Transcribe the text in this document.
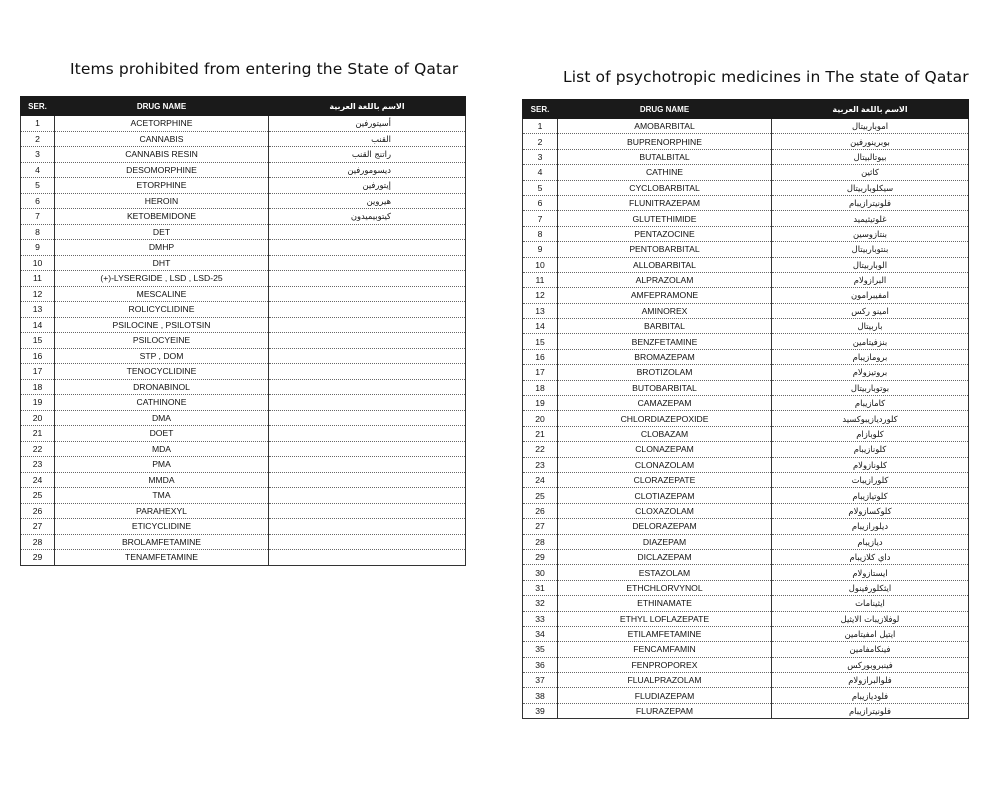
Items prohibited from entering the State of Qatar
SER.	DRUG NAME	الاسم باللغة العربية
1	ACETORPHINE	أسيتورفين
2	CANNABIS	القنب
3	CANNABIS RESIN	راتنج القنب
4	DESOMORPHINE	ديسومورفين
5	ETORPHINE	إيتورفين
6	HEROIN	هيروين
7	KETOBEMIDONE	كيتوبيميدون
8	DET	
9	DMHP	
10	DHT	
11	(+)-LYSERGIDE , LSD , LSD-25	
12	MESCALINE	
13	ROLICYCLIDINE	
14	PSILOCINE , PSILOTSIN	
15	PSILOCYEINE	
16	STP , DOM	
17	TENOCYCLIDINE	
18	DRONABINOL	
19	CATHINONE	
20	DMA	
21	DOET	
22	MDA	
23	PMA	
24	MMDA	
25	TMA	
26	PARAHEXYL	
27	ETICYCLIDINE	
28	BROLAMFETAMINE	
29	TENAMFETAMINE	
List of psychotropic medicines in The state of Qatar
SER.	DRUG NAME	الاسم باللغة العربية
1	AMOBARBITAL	اموباربيتال
2	BUPRENORPHINE	بوبرينورفين
3	BUTALBITAL	بيوتالبيتال
4	CATHINE	كاثين
5	CYCLOBARBITAL	سيكلوباربيتال
6	FLUNITRAZEPAM	فلونيترازيبام
7	GLUTETHIMIDE	غلوتيثيميد
8	PENTAZOCINE	بنتازوسين
9	PENTOBARBITAL	بنتوباربيتال
10	ALLOBARBITAL	الوباربيتال
11	ALPRAZOLAM	البرازولام
12	AMFEPRAMONE	امفيبرامون
13	AMINOREX	امينو ركس
14	BARBITAL	باربيتال
15	BENZFETAMINE	بنزفيتامين
16	BROMAZEPAM	برومازيبام
17	BROTIZOLAM	بروتيزولام
18	BUTOBARBITAL	بوتوباربيتال
19	CAMAZEPAM	كامازيبام
20	CHLORDIAZEPOXIDE	كلورديازيبوكسيد
21	CLOBAZAM	كلوبازام
22	CLONAZEPAM	كلونازيبام
23	CLONAZOLAM	كلونازولام
24	CLORAZEPATE	كلورازيبات
25	CLOTIAZEPAM	كلوتيازيبام
26	CLOXAZOLAM	كلوكسازولام
27	DELORAZEPAM	ديلورازيبام
28	DIAZEPAM	ديازيبام
29	DICLAZEPAM	داي كلازيبام
30	ESTAZOLAM	ايستازولام
31	ETHCHLORVYNOL	ايثكلورفينول
32	ETHINAMATE	ايثينامات
33	ETHYL LOFLAZEPATE	لوفلازيبات الايثيل
34	ETILAMFETAMINE	ايتيل امفيتامين
35	FENCAMFAMIN	فينكامفامين
36	FENPROPOREX	فينبروبوركس
37	FLUALPRAZOLAM	فلوالبرازولام
38	FLUDIAZEPAM	فلوديازيبام
39	FLURAZEPAM	فلونيترازيبام
